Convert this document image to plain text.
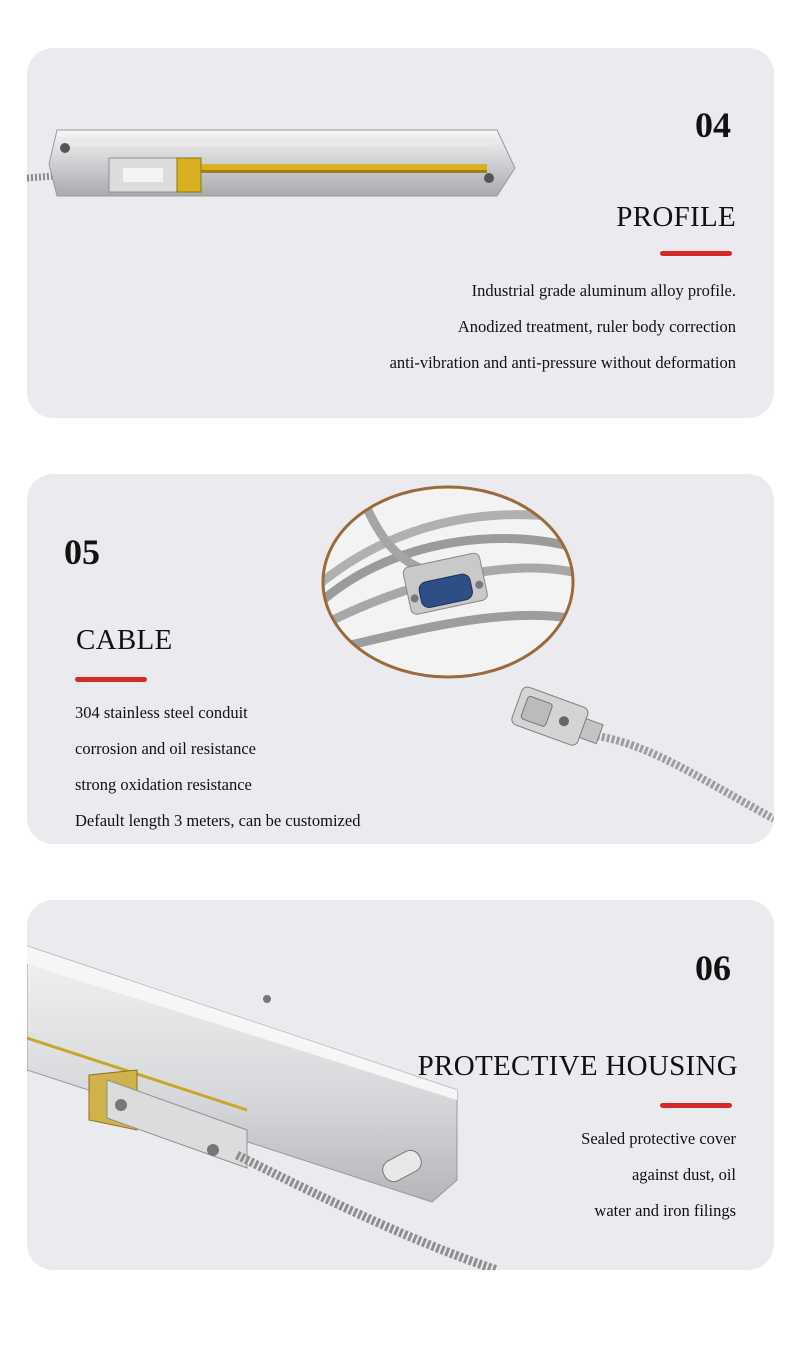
04
PROFILE
Industrial grade aluminum alloy profile.
Anodized treatment, ruler body correction
anti-vibration and anti-pressure without deformation
05
CABLE
304 stainless steel conduit
corrosion and oil resistance
strong oxidation resistance
Default length 3 meters, can be customized
06
PROTECTIVE HOUSING
Sealed protective cover
against dust, oil
water and iron filings
